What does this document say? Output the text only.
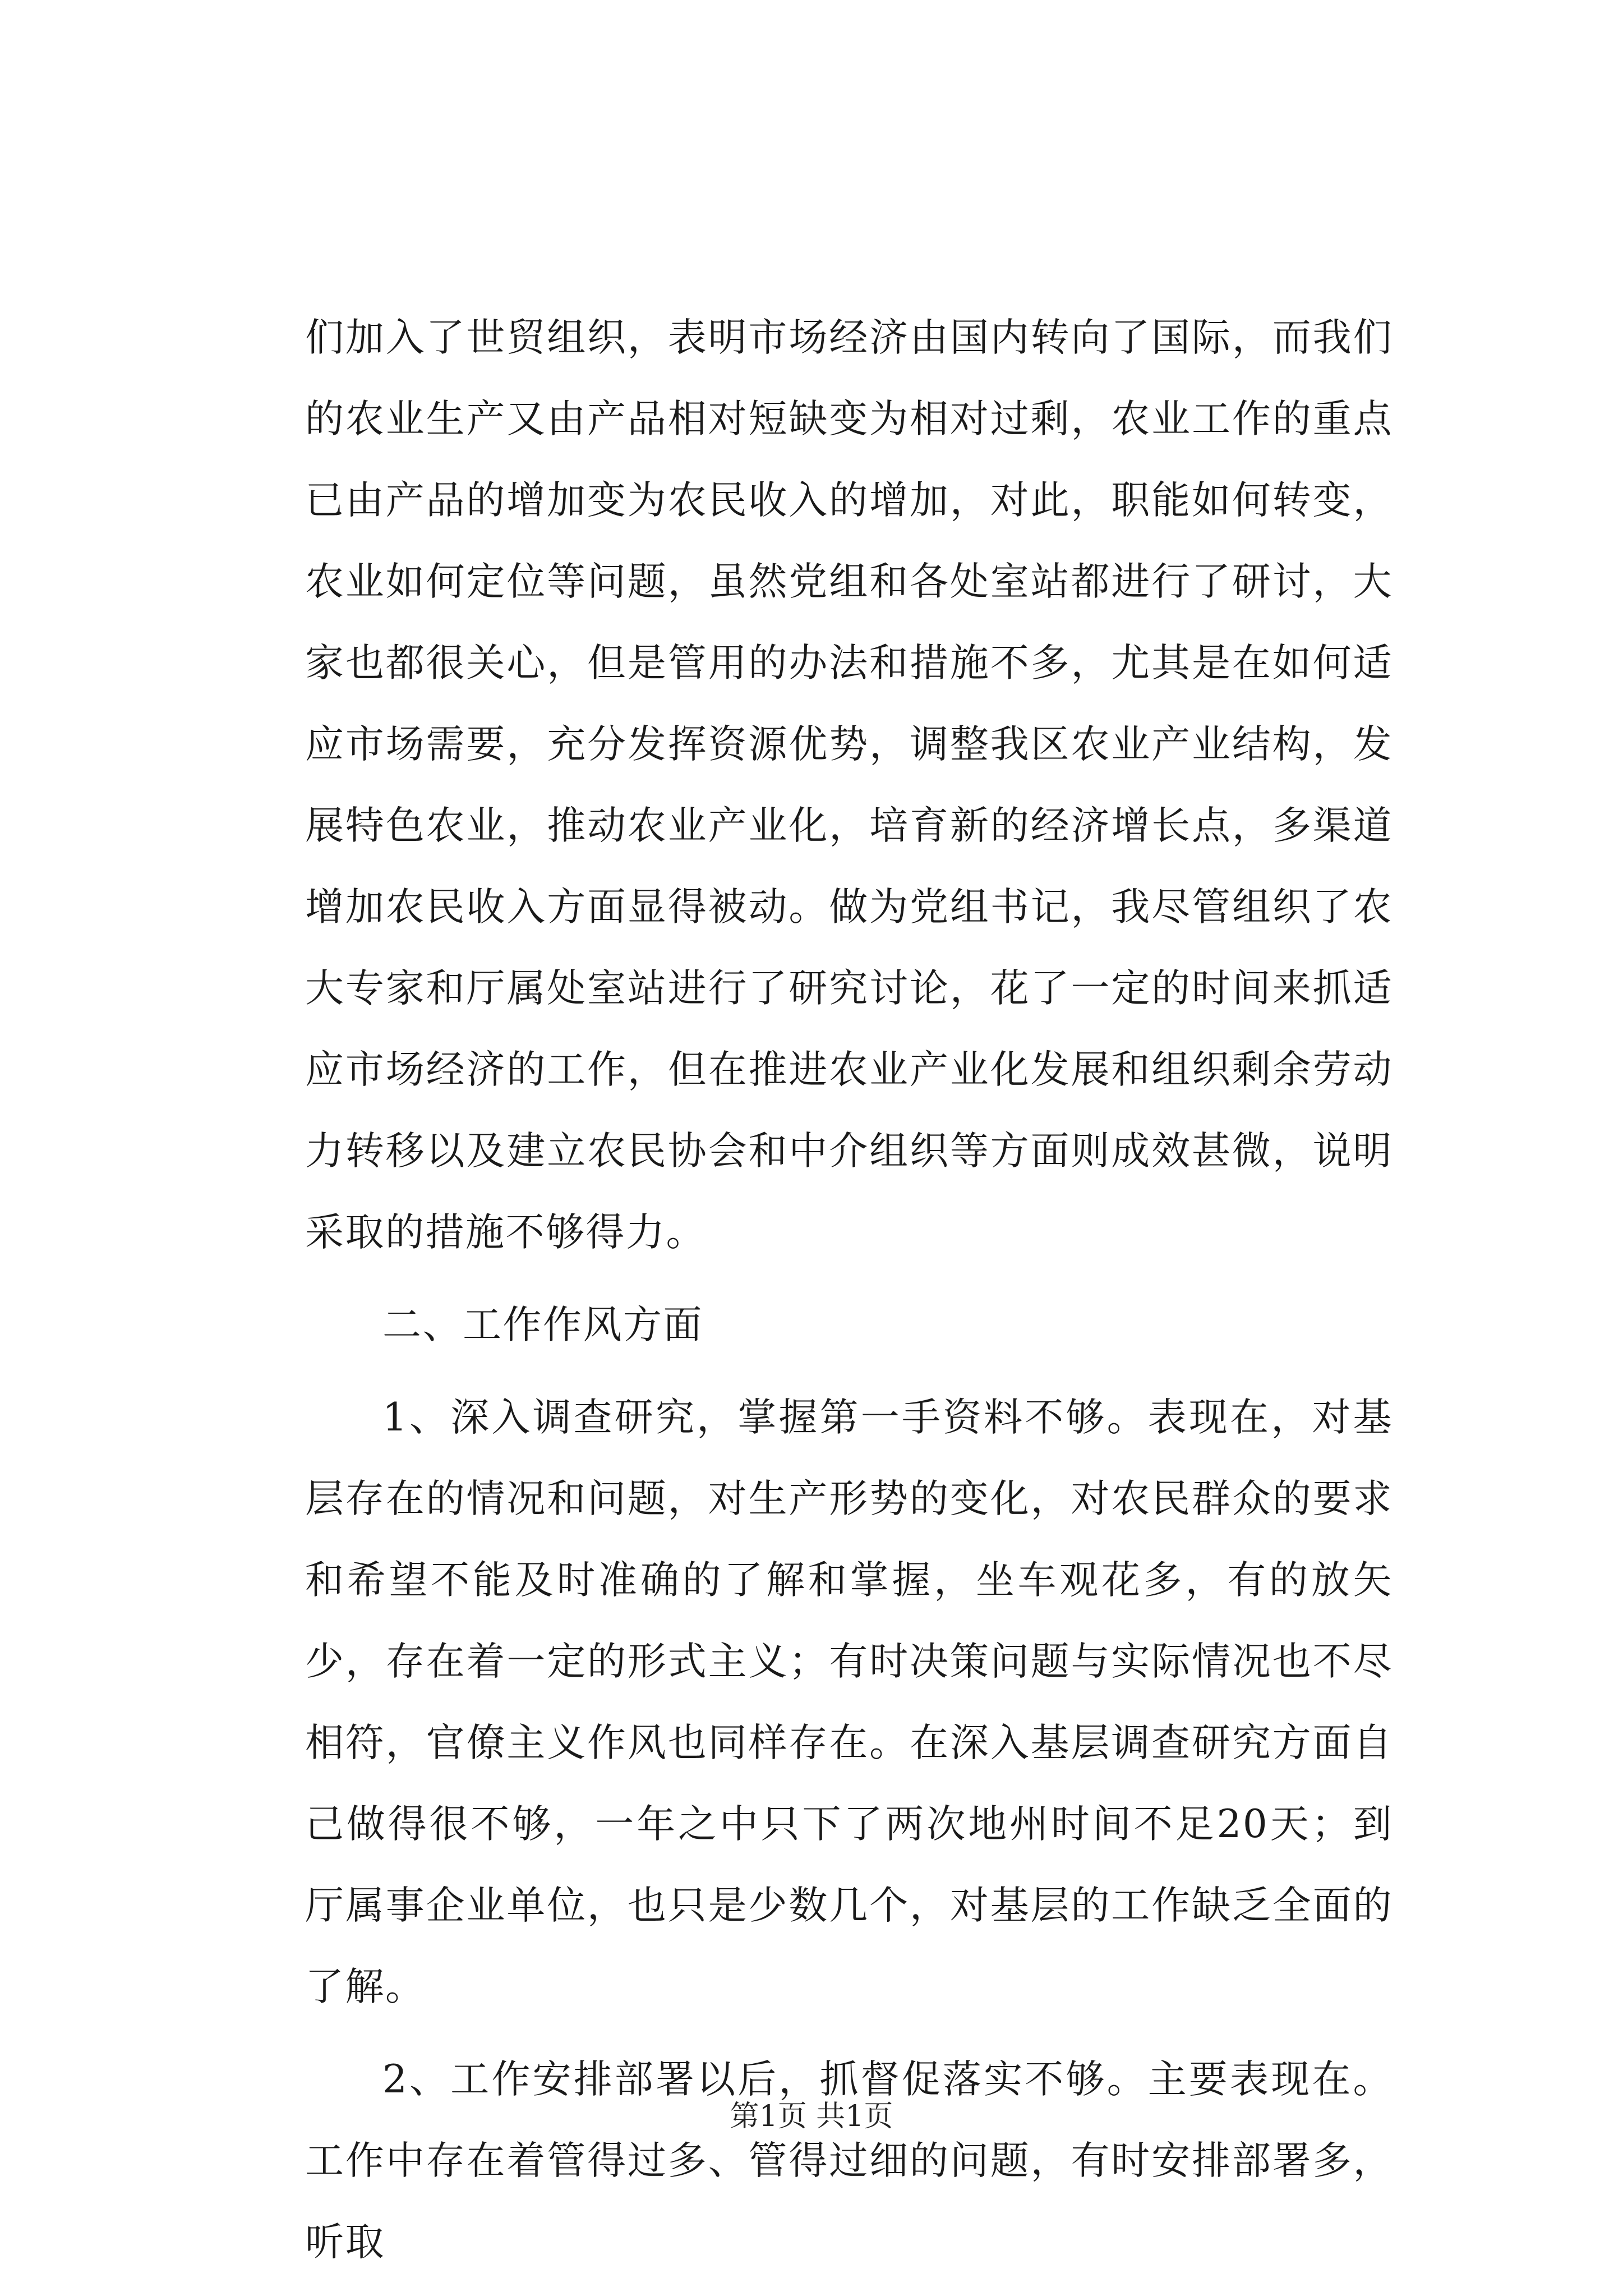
们加入了世贸组织，表明市场经济由国内转向了国际，而我们的农业生产又由产品相对短缺变为相对过剩，农业工作的重点已由产品的增加变为农民收入的增加，对此，职能如何转变，农业如何定位等问题，虽然党组和各处室站都进行了研讨，大家也都很关心，但是管用的办法和措施不多，尤其是在如何适应市场需要，充分发挥资源优势，调整我区农业产业结构，发展特色农业，推动农业产业化，培育新的经济增长点，多渠道增加农民收入方面显得被动。做为党组书记，我尽管组织了农大专家和厅属处室站进行了研究讨论，花了一定的时间来抓适应市场经济的工作，但在推进农业产业化发展和组织剩余劳动力转移以及建立农民协会和中介组织等方面则成效甚微，说明采取的措施不够得力。

二、工作作风方面

1、深入调查研究，掌握第一手资料不够。表现在，对基层存在的情况和问题，对生产形势的变化，对农民群众的要求和希望不能及时准确的了解和掌握，坐车观花多，有的放矢少，存在着一定的形式主义；有时决策问题与实际情况也不尽相符，官僚主义作风也同样存在。在深入基层调查研究方面自己做得很不够，一年之中只下了两次地州时间不足20天；到厅属事企业单位，也只是少数几个，对基层的工作缺乏全面的了解。

2、工作安排部署以后，抓督促落实不够。主要表现在。工作中存在着管得过多、管得过细的问题，有时安排部署多，听取

第1页 共1页
